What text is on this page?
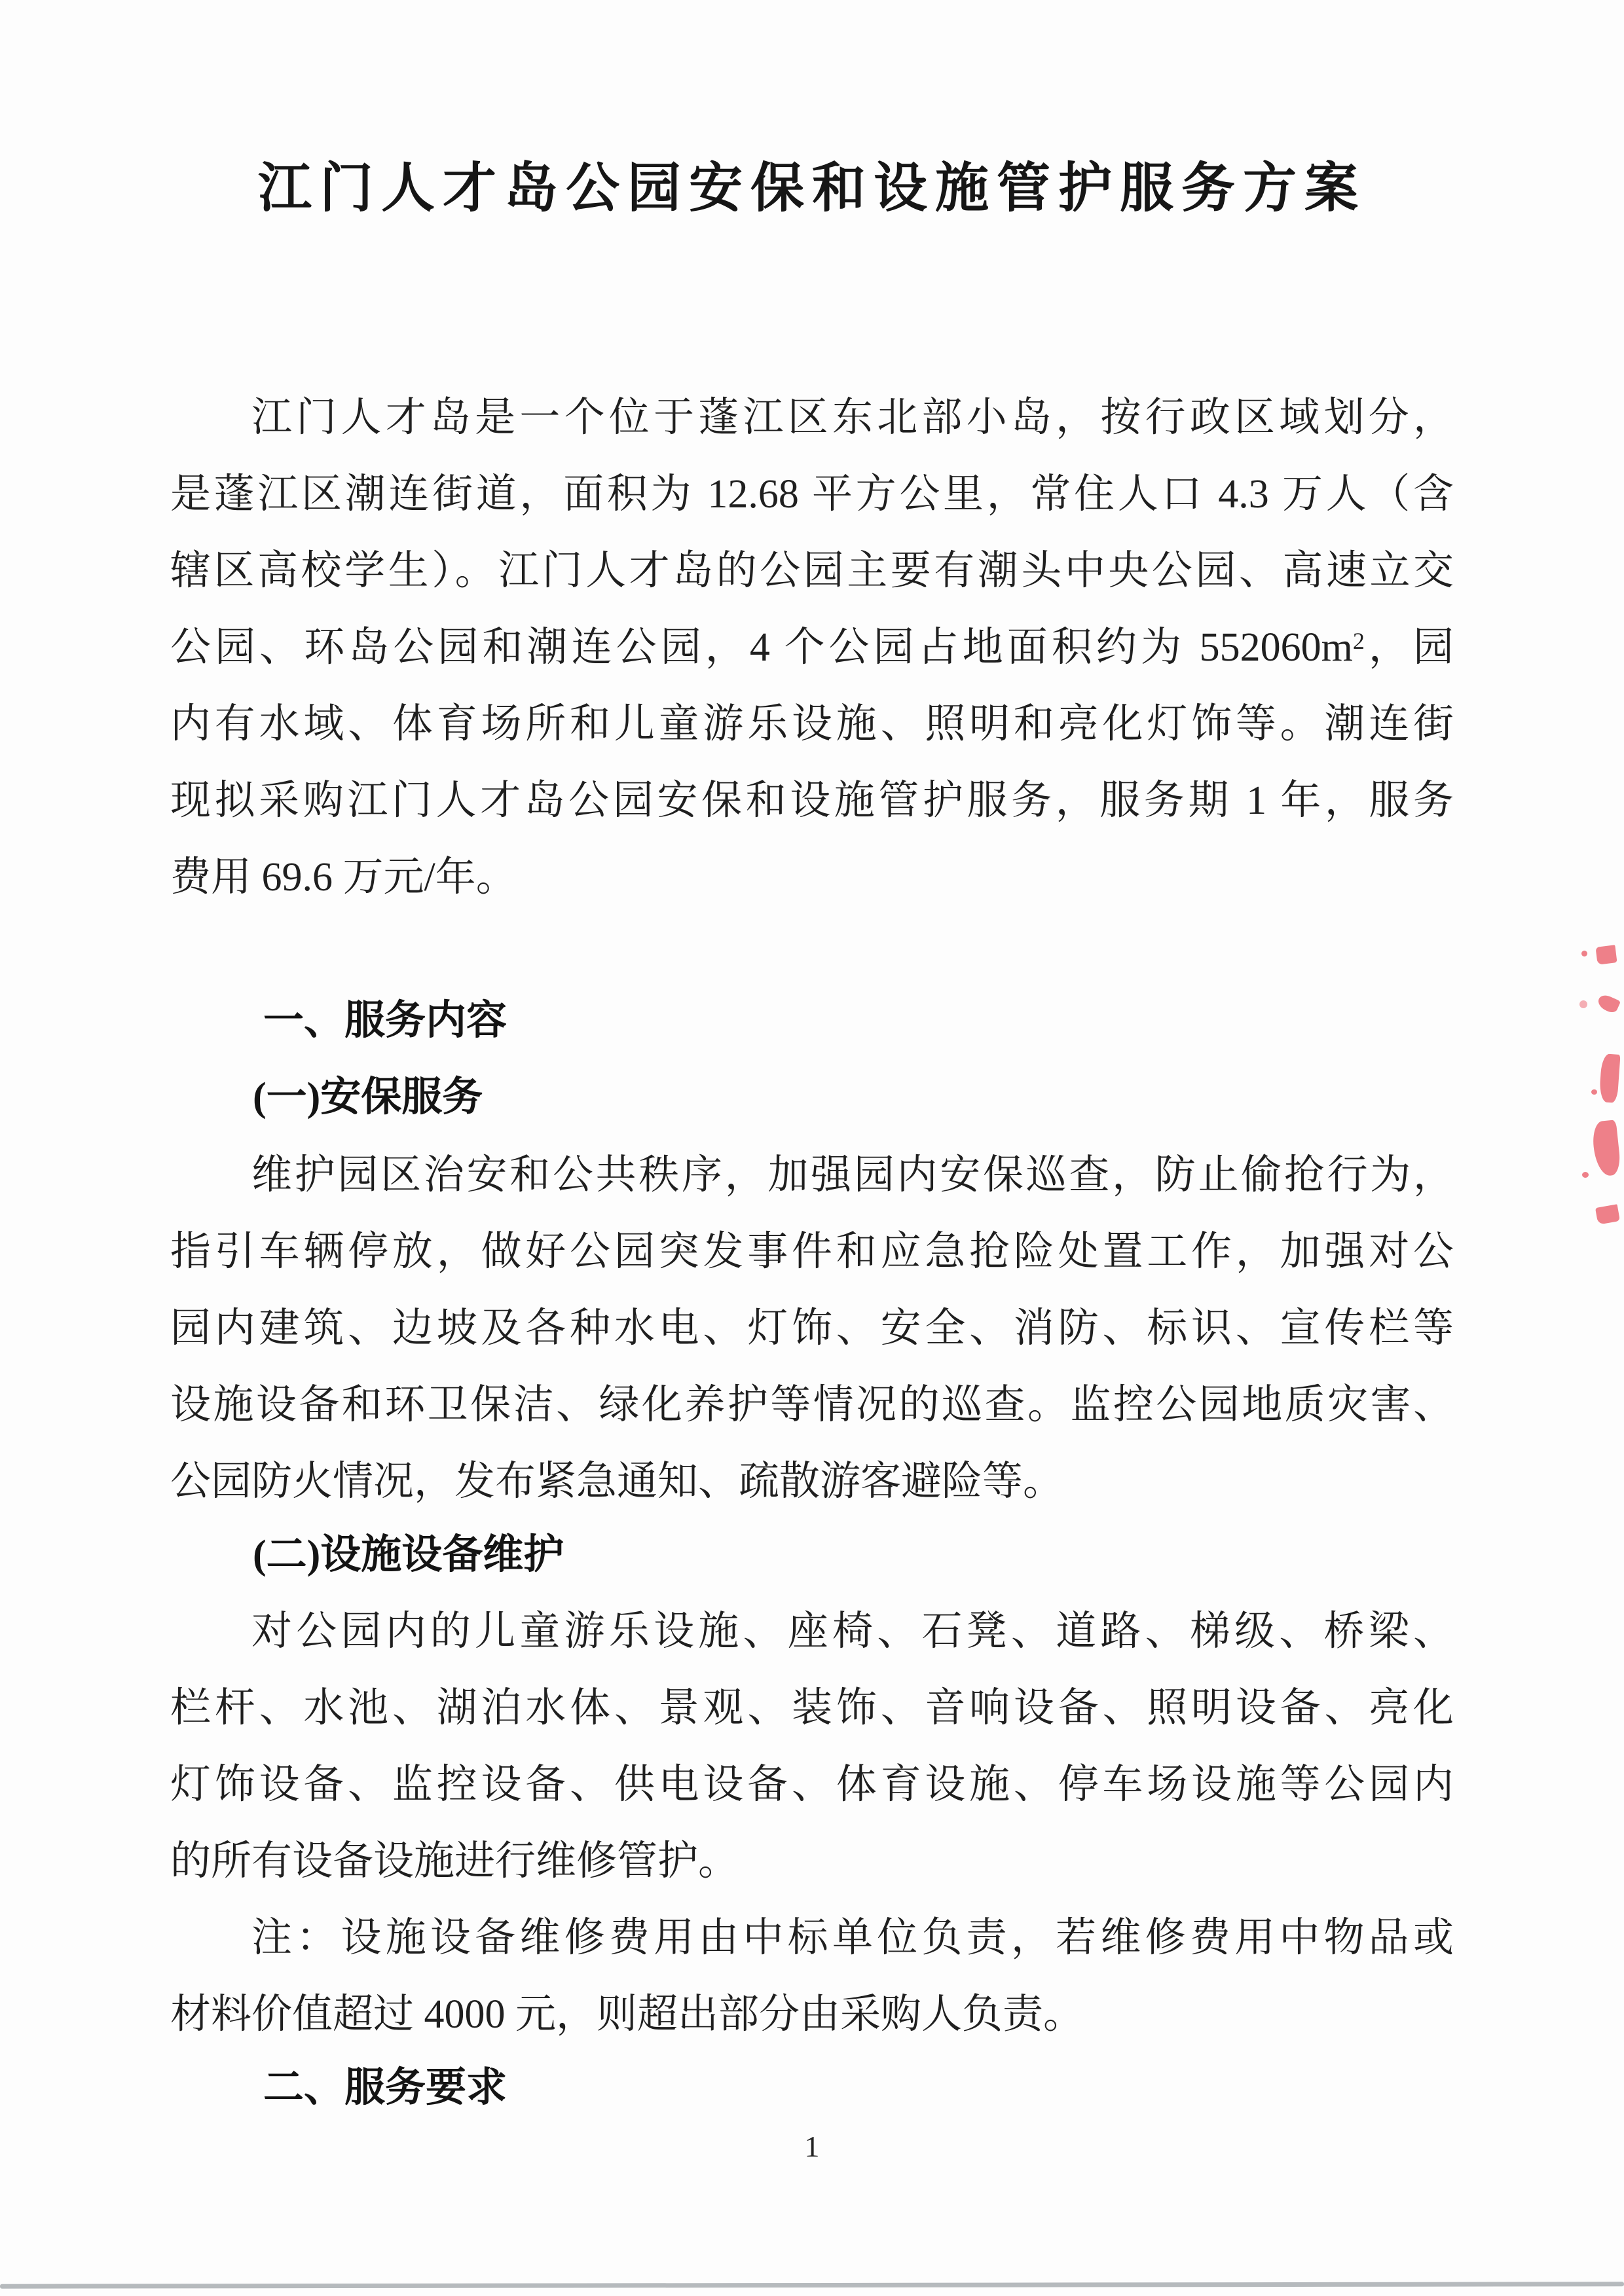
江门人才岛公园安保和设施管护服务方案
江门人才岛是一个位于蓬江区东北部小岛，按行政区域划分，
是蓬江区潮连街道，面积为 12.68 平方公里，常住人口 4.3 万人（含
辖区高校学生）。江门人才岛的公园主要有潮头中央公园、高速立交
公园、环岛公园和潮连公园，4 个公园占地面积约为 $552060m^2$，园
内有水域、体育场所和儿童游乐设施、照明和亮化灯饰等。潮连街
现拟采购江门人才岛公园安保和设施管护服务，服务期 1 年，服务
费用 69.6 万元/年。
一、服务内容
(一)安保服务
维护园区治安和公共秩序，加强园内安保巡查，防止偷抢行为，
指引车辆停放，做好公园突发事件和应急抢险处置工作，加强对公
园内建筑、边坡及各种水电、灯饰、安全、消防、标识、宣传栏等
设施设备和环卫保洁、绿化养护等情况的巡查。监控公园地质灾害、
公园防火情况，发布紧急通知、疏散游客避险等。
(二)设施设备维护
对公园内的儿童游乐设施、座椅、石凳、道路、梯级、桥梁、
栏杆、水池、湖泊水体、景观、装饰、音响设备、照明设备、亮化
灯饰设备、监控设备、供电设备、体育设施、停车场设施等公园内
的所有设备设施进行维修管护。
注：设施设备维修费用由中标单位负责，若维修费用中物品或
材料价值超过 4000 元，则超出部分由采购人负责。
二、服务要求
1
